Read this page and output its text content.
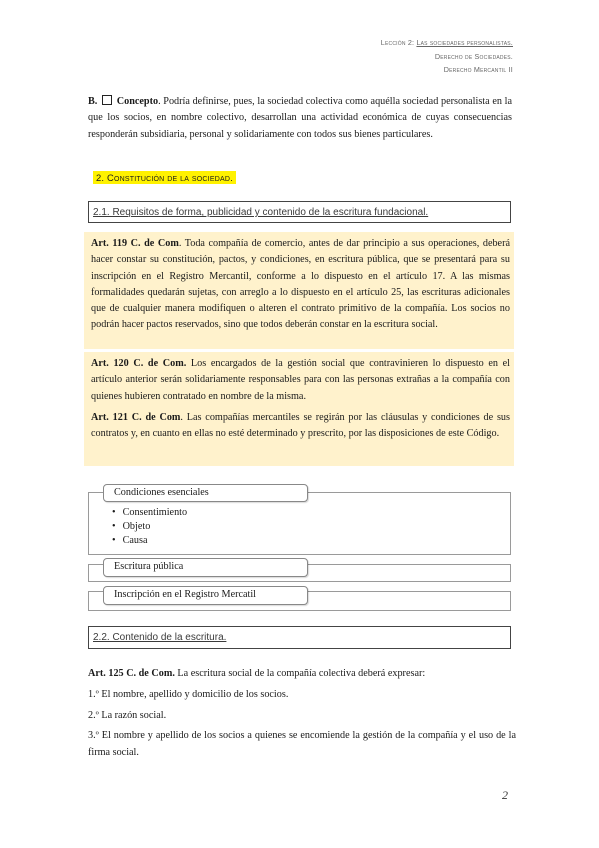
Lección 2: Las sociedades personalistas.
Derecho de Sociedades.
Derecho Mercantil II
B. Concepto. Podría definirse, pues, la sociedad colectiva como aquélla sociedad personalista en la que los socios, en nombre colectivo, desarrollan una actividad económica de cuyas consecuencias responderán subsidiaria, personal y solidariamente con todos sus bienes particulares.
2. Constitución de la sociedad.
2.1. Requisitos de forma, publicidad y contenido de la escritura fundacional.

Art. 119 C. de Com. Toda compañía de comercio, antes de dar principio a sus operaciones, deberá hacer constar su constitución, pactos, y condiciones, en escritura pública, que se presentará para su inscripción en el Registro Mercantil, conforme a lo dispuesto en el artículo 17. A las mismas formalidades quedarán sujetas, con arreglo a lo dispuesto en el artículo 25, las escrituras adicionales que de cualquier manera modifiquen o alteren el contrato primitivo de la compañía. Los socios no podrán hacer pactos reservados, sino que todos deberán constar en la escritura social.

Art. 120 C. de Com. Los encargados de la gestión social que contravinieren lo dispuesto en el artículo anterior serán solidariamente responsables para con las personas extrañas a la compañía con quienes hubieren contratado en nombre de la misma.

Art. 121 C. de Com. Las compañías mercantiles se regirán por las cláusulas y condiciones de sus contratos y, en cuanto en ellas no esté determinado y prescrito, por las disposiciones de este Código.

Condiciones esenciales
• Consentimiento
• Objeto
• Causa
Escritura pública
Inscripción en el Registro Mercatil
2.2. Contenido de la escritura.

Art. 125 C. de Com. La escritura social de la compañía colectiva deberá expresar:

1.º El nombre, apellido y domicilio de los socios.

2.º La razón social.

3.º El nombre y apellido de los socios a quienes se encomiende la gestión de la compañía y el uso de la firma social.

2
